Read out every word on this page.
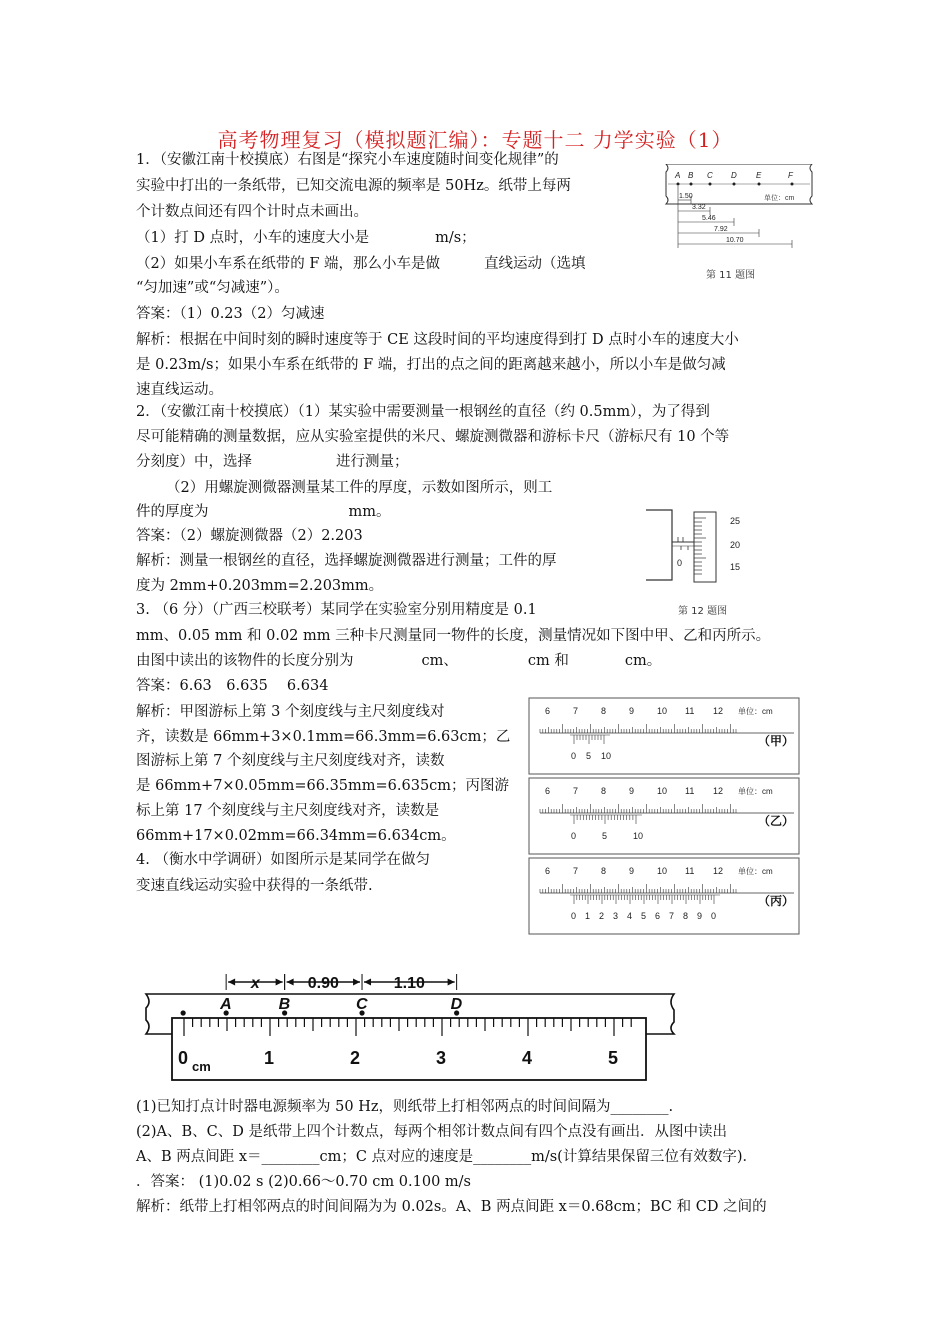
高考物理复习（模拟题汇编）：专题十二 力学实验（1）
1．（安徽江南十校摸底）右图是“探究小车速度随时间变化规律”的
实验中打出的一条纸带，已知交流电源的频率是 50Hz。纸带上每两
个计数点间还有四个计时点未画出。
（1）打 D 点时，小车的速度大小是	m/s；
（2）如果小车系在纸带的 F 端，那么小车是做	直线运动（选填
“匀加速”或“匀减速”）。
答案：（1）0.23（2）匀减速
解析：根据在中间时刻的瞬时速度等于 CE 这段时间的平均速度得到打 D 点时小车的速度大小
是 0.23m/s；如果小车系在纸带的 F 端，打出的点之间的距离越来越小，所以小车是做匀减
速直线运动。
A B C D E	F
单位：cm
1.50
3.32
5.46
7.92
10.70
第 11 题图
2．（安徽江南十校摸底）（1）某实验中需要测量一根钢丝的直径（约 0.5mm），为了得到
尽可能精确的测量数据，应从实验室提供的米尺、螺旋测微器和游标卡尺（游标尺有 10 个等
分刻度）中，选择	进行测量；
（2）用螺旋测微器测量某工件的厚度，示数如图所示，则工
件的厚度为	mm。
答案：（2）螺旋测微器（2）2.203
解析：测量一根钢丝的直径，选择螺旋测微器进行测量；工件的厚
度为 2mm+0.203mm=2.203mm。
0
25
20
15
第 12 题图
3. （6 分）（广西三校联考）某同学在实验室分别用精度是 0.1
mm、0.05 mm 和 0.02 mm 三种卡尺测量同一物件的长度，测量情况如下图中甲、乙和丙所示。
由图中读出的该物件的长度分别为	cm、	cm 和	cm。
答案：6.63　6.635　 6.634
解析：甲图游标上第 3 个刻度线与主尺刻度线对
齐，读数是 66mm+3×0.1mm=66.3mm=6.63cm；乙
图游标上第 7 个刻度线与主尺刻度线对齐，读数
是 66mm+7×0.05mm=66.35mm=6.635cm；丙图游
标上第 17 个刻度线与主尺刻度线对齐，读数是
66mm+17×0.02mm=66.34mm=6.634cm。
6	7	8	9	10 11 12 单位：cm
0 5 10
（甲）
6	7	8	9	10 11 12 单位：cm
0	5	10
（乙）
6	7	8	9	10 11 12 单位：cm
0 1 2 3 4 5 6 7 8 9 0
（丙）
4. （衡水中学调研）如图所示是某同学在做匀
变速直线运动实验中获得的一条纸带.
A	B	C	D
x	0.90	1.10
0	1	2	3	4	5
cm
(1)已知打点计时器电源频率为 50 Hz，则纸带上打相邻两点的时间间隔为________.
(2)A、B、C、D 是纸带上四个计数点，每两个相邻计数点间有四个点没有画出．从图中读出
A、B 两点间距 x＝________cm；C 点对应的速度是________m/s(计算结果保留三位有效数字)．
．答案： (1)0.02 s (2)0.66～0.70 cm 0.100 m/s
解析：纸带上打相邻两点的时间间隔为为 0.02s。A、B 两点间距 x＝0.68cm；BC 和 CD 之间的
